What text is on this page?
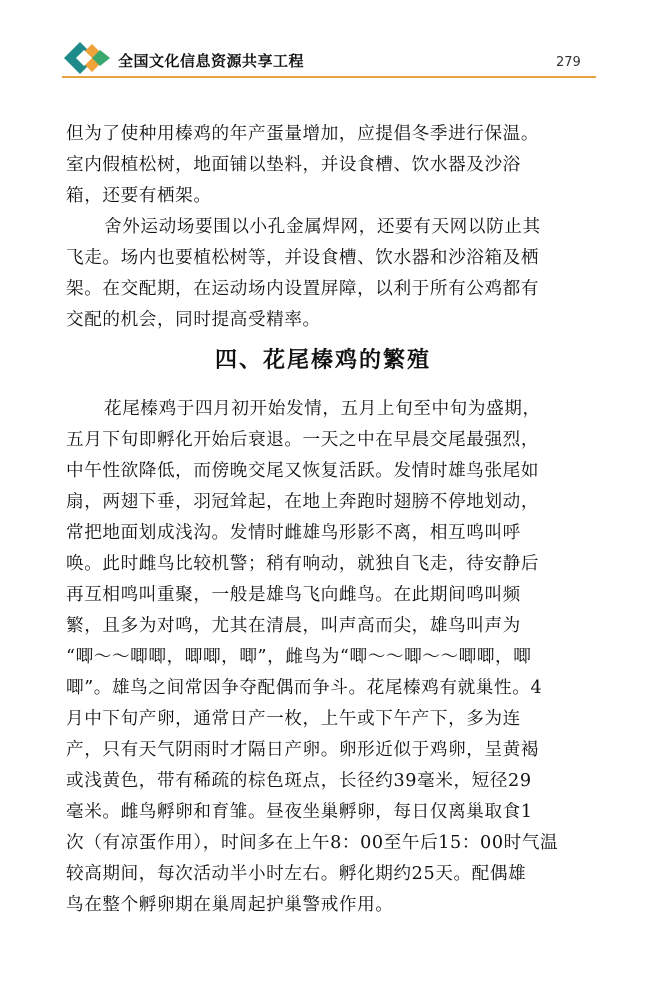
全国文化信息资源共享工程	279
但为了使种用榛鸡的年产蛋量增加，应提倡冬季进行保温。
室内假植松树，地面铺以垫料，并设食槽、饮水器及沙浴
箱，还要有栖架。
舍外运动场要围以小孔金属焊网，还要有天网以防止其
飞走。场内也要植松树等，并设食槽、饮水器和沙浴箱及栖
架。在交配期，在运动场内设置屏障，以利于所有公鸡都有
交配的机会，同时提高受精率。
四、花尾榛鸡的繁殖
花尾榛鸡于四月初开始发情，五月上旬至中旬为盛期，
五月下旬即孵化开始后衰退。一天之中在早晨交尾最强烈，
中午性欲降低，而傍晚交尾又恢复活跃。发情时雄鸟张尾如
扇，两翅下垂，羽冠耸起，在地上奔跑时翅膀不停地划动，
常把地面划成浅沟。发情时雌雄鸟形影不离，相互鸣叫呼
唤。此时雌鸟比较机警；稍有响动，就独自飞走，待安静后
再互相鸣叫重聚，一般是雄鸟飞向雌鸟。在此期间鸣叫频
繁，且多为对鸣，尤其在清晨，叫声高而尖，雄鸟叫声为
“唧～～唧唧，唧唧，唧”，雌鸟为“唧～～唧～～唧唧，唧
唧”。雄鸟之间常因争夺配偶而争斗。花尾榛鸡有就巢性。4
月中下旬产卵，通常日产一枚，上午或下午产下，多为连
产，只有天气阴雨时才隔日产卵。卵形近似于鸡卵，呈黄褐
或浅黄色，带有稀疏的棕色斑点，长径约39毫米，短径29
毫米。雌鸟孵卵和育雏。昼夜坐巢孵卵，每日仅离巢取食1
次（有凉蛋作用），时间多在上午8：00至午后15：00时气温
较高期间，每次活动半小时左右。孵化期约25天。配偶雄
鸟在整个孵卵期在巢周起护巢警戒作用。
